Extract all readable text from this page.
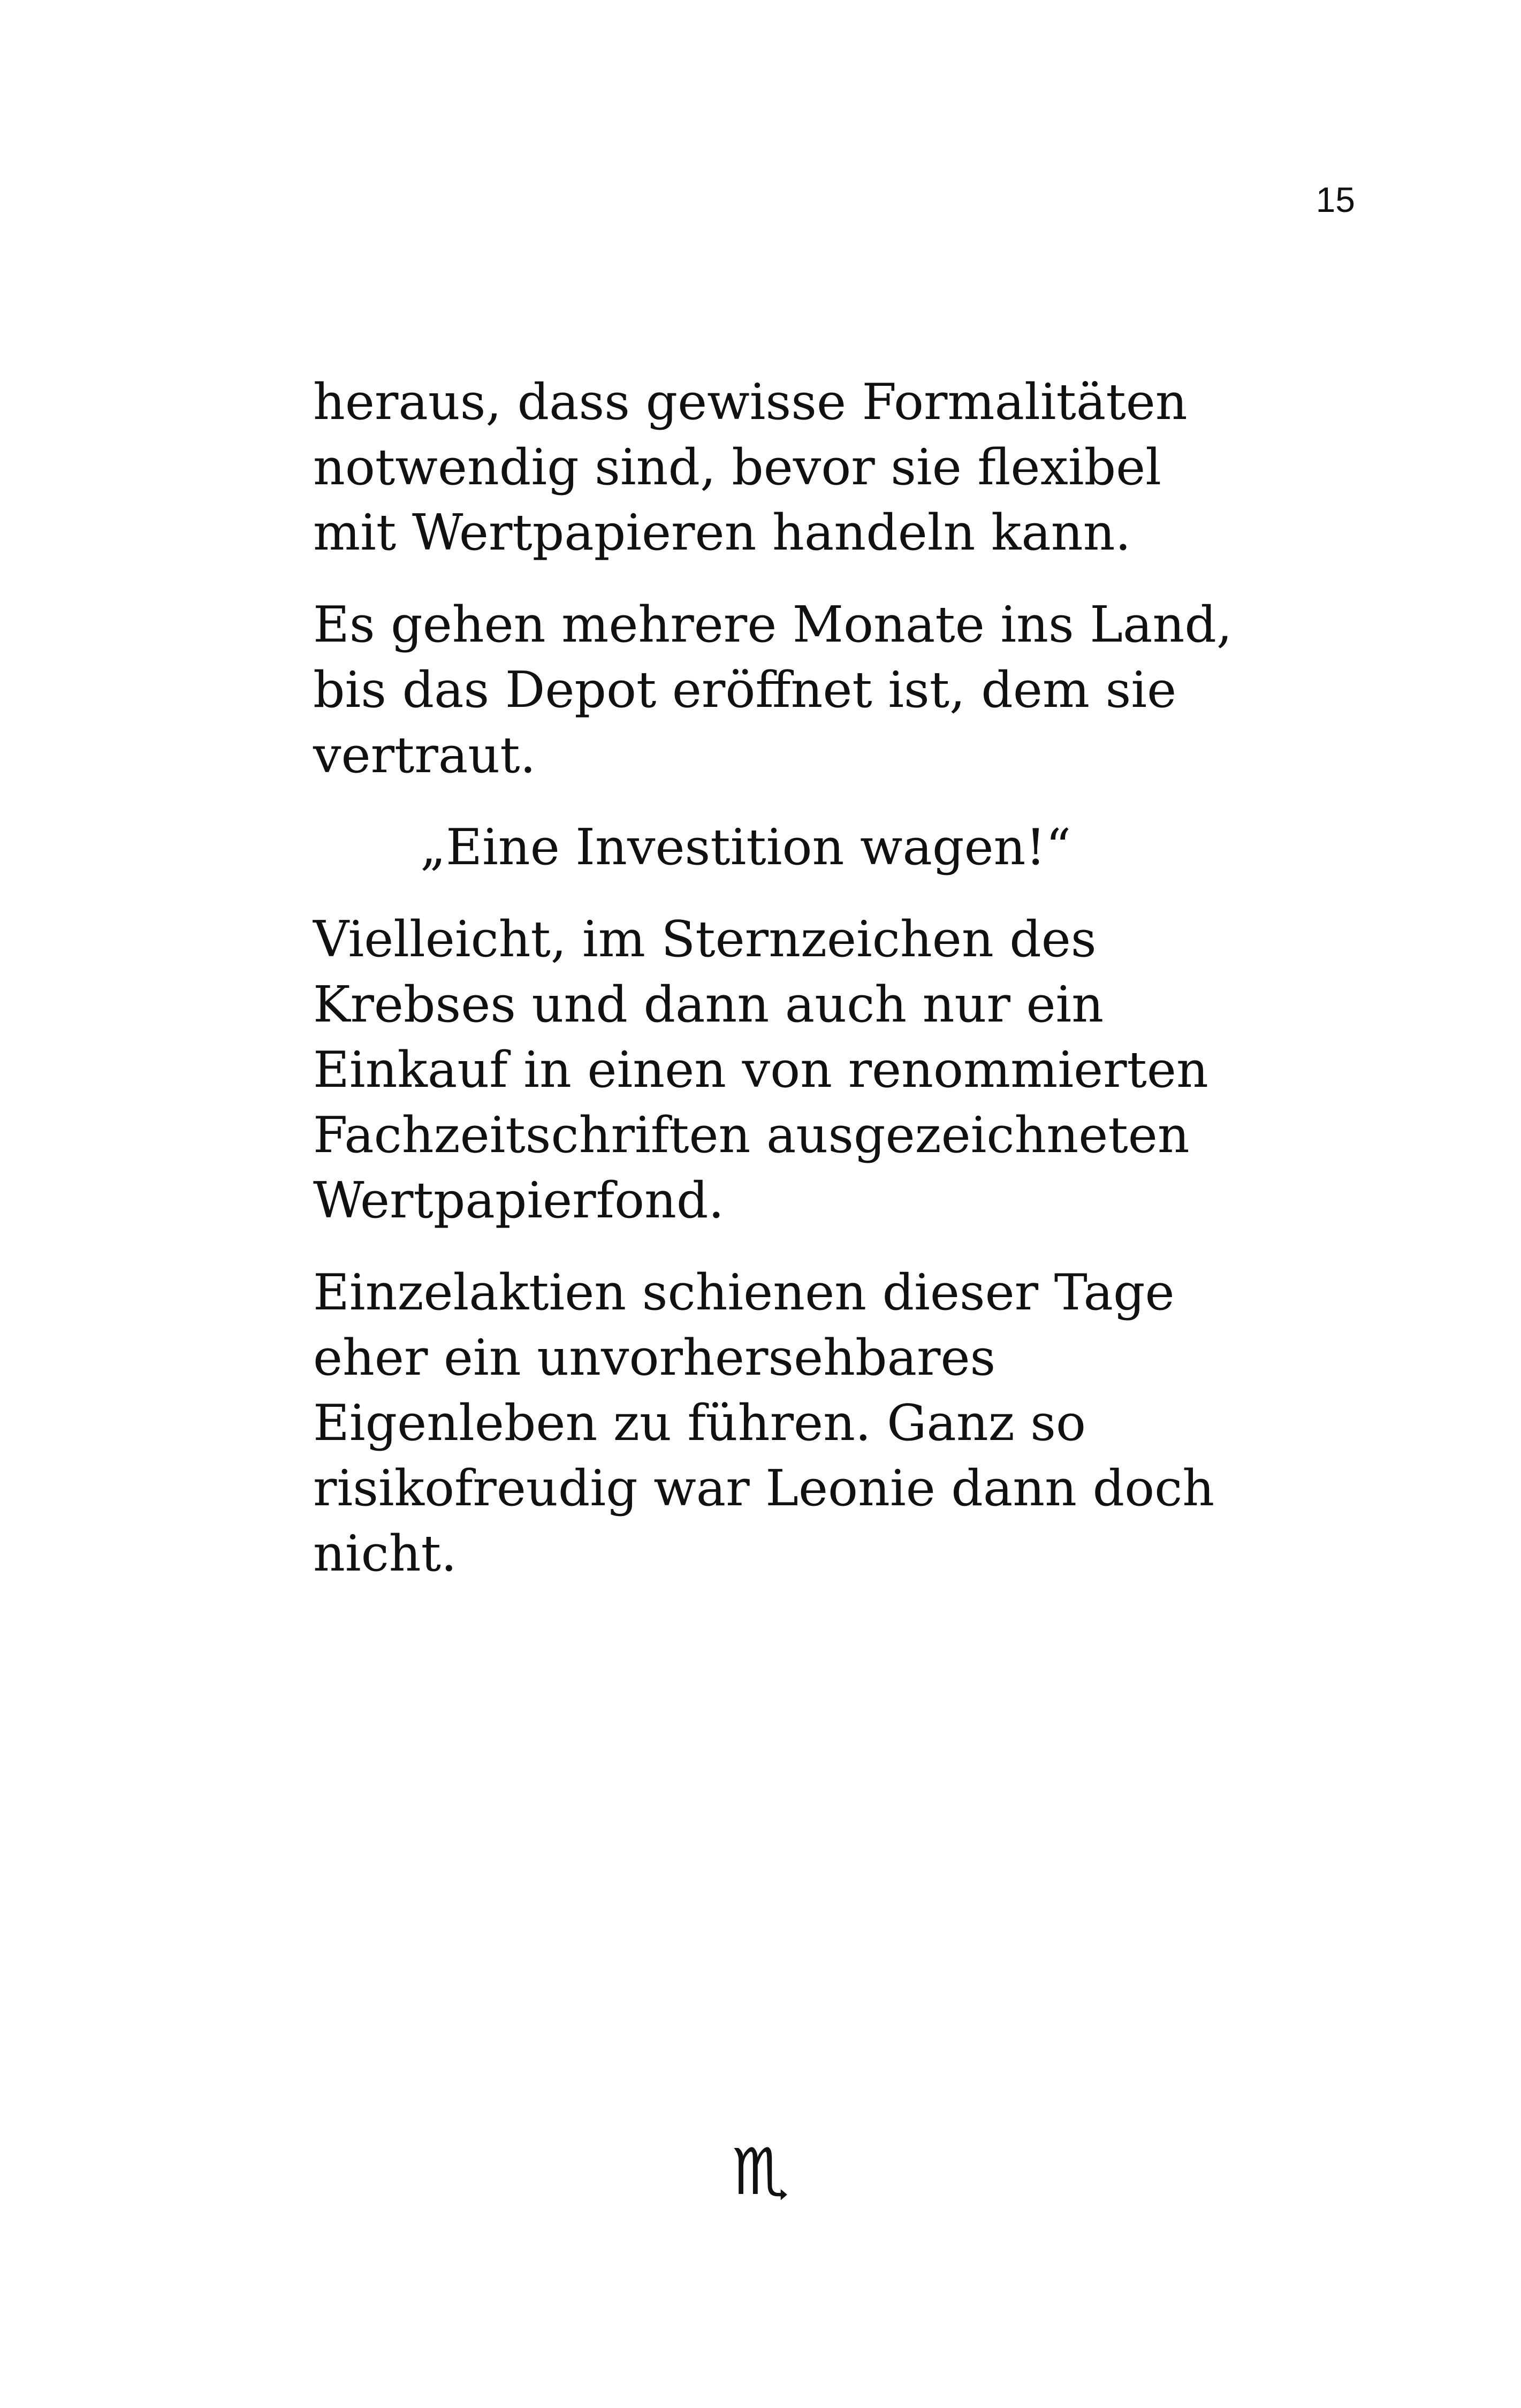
15

heraus, dass gewisse Formalitäten
notwendig sind, bevor sie flexibel
mit Wertpapieren handeln kann.

Es gehen mehrere Monate ins Land,
bis das Depot eröffnet ist, dem sie
vertraut.

„Eine Investition wagen!“

Vielleicht, im Sternzeichen des
Krebses und dann auch nur ein
Einkauf in einen von renommierten
Fachzeitschriften ausgezeichneten
Wertpapierfond.

Einzelaktien schienen dieser Tage
eher ein unvorhersehbares
Eigenleben zu führen. Ganz so
risikofreudig war Leonie dann doch
nicht.

♏
